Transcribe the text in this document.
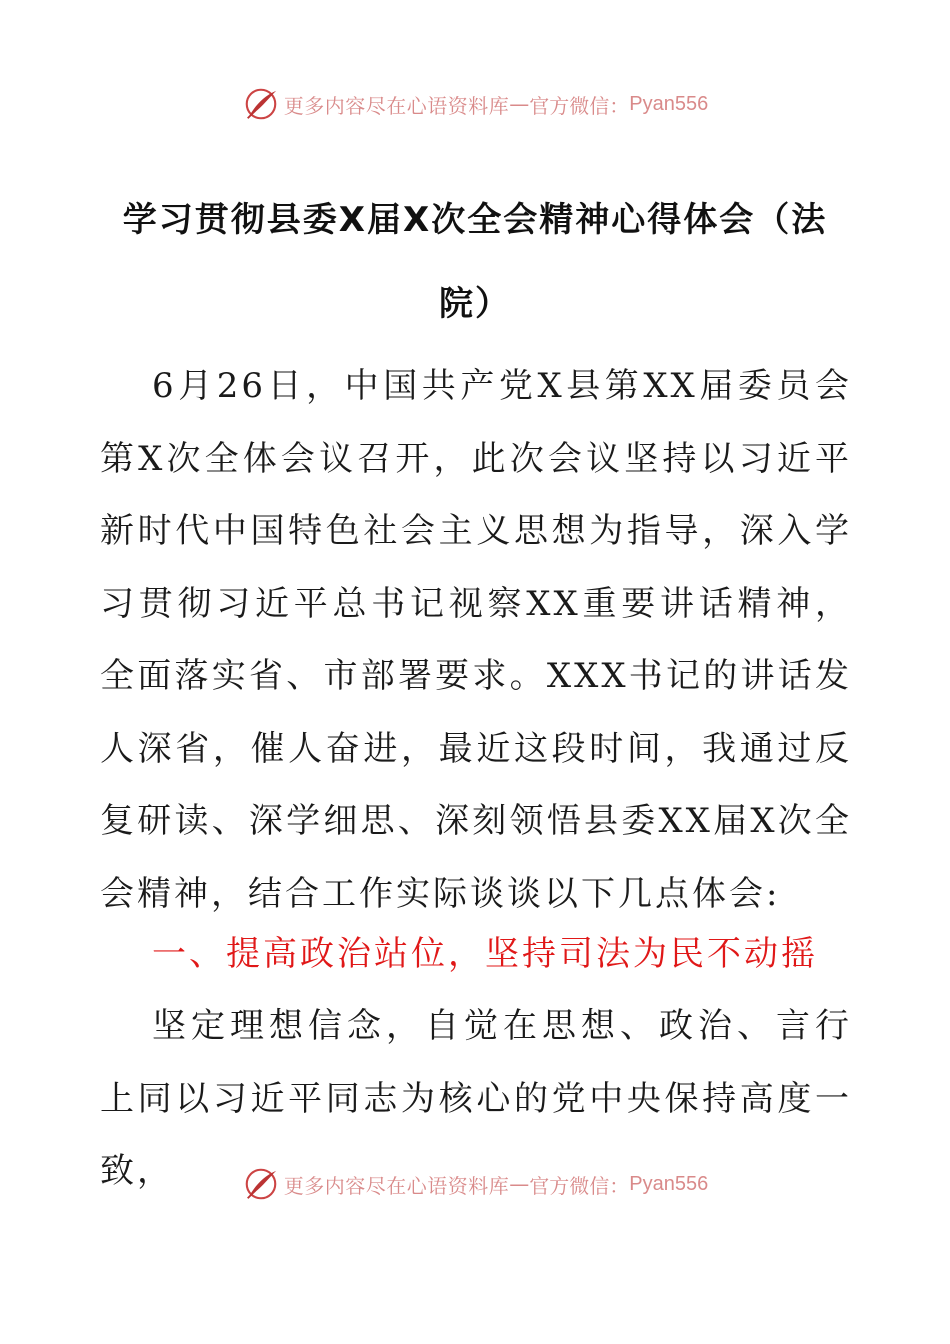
更多内容尽在心语资料库 — 官方微信： Pyan556
学习贯彻县委X届X次全会精神心得体会（法院）

6月26日，中国共产党X县第XX届委员会第X次全体会议召开，此次会议坚持以习近平新时代中国特色社会主义思想为指导，深入学习贯彻习近平总书记视察XX重要讲话精神，全面落实省、市部署要求。XXX书记的讲话发人深省，催人奋进，最近这段时间，我通过反复研读、深学细思、深刻领悟县委XX届X次全会精神，结合工作实际谈谈以下几点体会:

一、提高政治站位，坚持司法为民不动摇

坚定理想信念，自觉在思想、政治、言行上同以习近平同志为核心的党中央保持高度一致，	更多内容尽在心语资料库 — 官方微信： Pyan556
